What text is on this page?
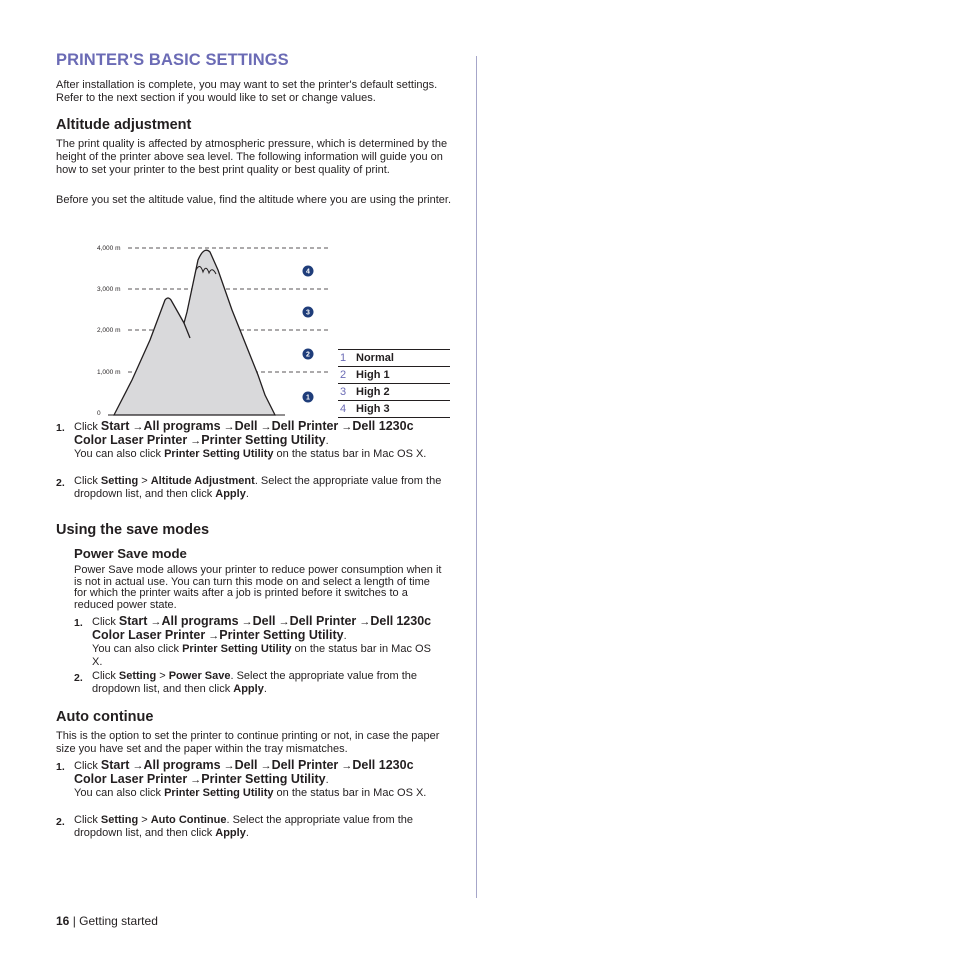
PRINTER'S BASIC SETTINGS

After installation is complete, you may want to set the printer's default settings. Refer to the next section if you would like to set or change values.

Altitude adjustment

The print quality is affected by atmospheric pressure, which is determined by the height of the printer above sea level. The following information will guide you on how to set your printer to the best print quality or best quality of print.

Before you set the altitude value, find the altitude where you are using the printer.

4,000 m
3,000 m
2,000 m
1,000 m
0
4
3
2
1
1	Normal
2	High 1
3	High 2
4	High 3
1. Click Start →All programs →Dell →Dell Printer →Dell 1230c Color Laser Printer →Printer Setting Utility.
You can also click Printer Setting Utility on the status bar in Mac OS X.
2. Click Setting > Altitude Adjustment. Select the appropriate value from the dropdown list, and then click Apply.
Using the save modes
Power Save mode

Power Save mode allows your printer to reduce power consumption when it is not in actual use. You can turn this mode on and select a length of time for which the printer waits after a job is printed before it switches to a reduced power state.

1. Click Start →All programs →Dell →Dell Printer →Dell 1230c Color Laser Printer →Printer Setting Utility.
You can also click Printer Setting Utility on the status bar in Mac OS X.
2. Click Setting > Power Save. Select the appropriate value from the dropdown list, and then click Apply.
Auto continue

This is the option to set the printer to continue printing or not, in case the paper size you have set and the paper within the tray mismatches.

1. Click Start →All programs →Dell →Dell Printer →Dell 1230c Color Laser Printer →Printer Setting Utility.
You can also click Printer Setting Utility on the status bar in Mac OS X.
2. Click Setting > Auto Continue. Select the appropriate value from the dropdown list, and then click Apply.
16 | Getting started
